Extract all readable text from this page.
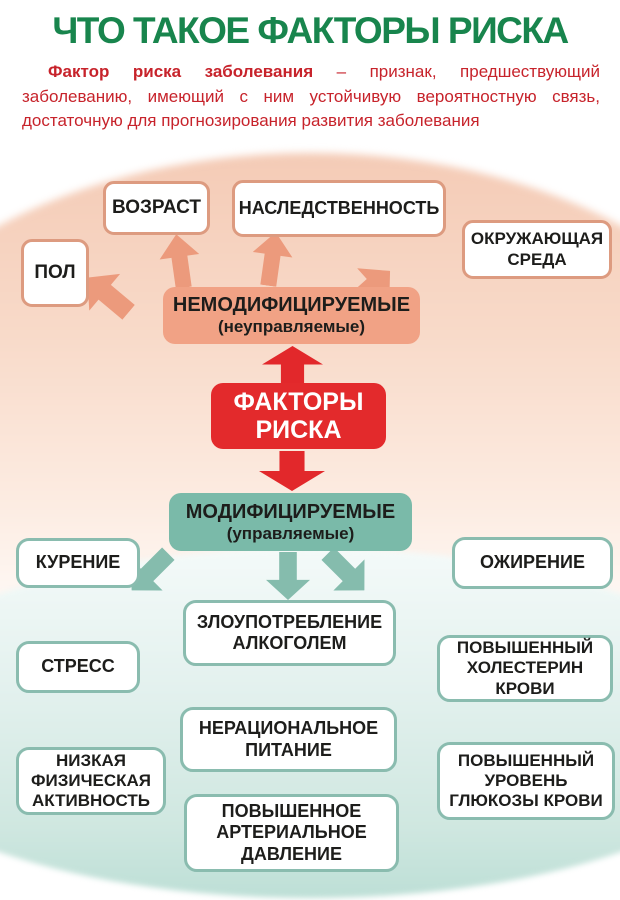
ЧТО ТАКОЕ ФАКТОРЫ РИСКА
Фактор риска заболевания – признак, предшествующий заболеванию, имеющий с ним устойчивую вероятностную связь, достаточную для прогнозирования развития заболевания
ПОЛ
ВОЗРАСТ	НАСЛЕДСТВЕННОСТЬ
ОКРУЖАЮЩАЯ СРЕДА
НЕМОДИФИЦИРУЕМЫЕ
(неуправляемые)
ФАКТОРЫ РИСКА
МОДИФИЦИРУЕМЫЕ
(управляемые)
КУРЕНИЕ	ОЖИРЕНИЕ
ЗЛОУПОТРЕБЛЕНИЕ АЛКОГОЛЕМ
СТРЕСС
ПОВЫШЕННЫЙ ХОЛЕСТЕРИН КРОВИ
НЕРАЦИОНАЛЬНОЕ ПИТАНИЕ
НИЗКАЯ ФИЗИЧЕСКАЯ АКТИВНОСТЬ
ПОВЫШЕННЫЙ УРОВЕНЬ ГЛЮКОЗЫ КРОВИ
ПОВЫШЕННОЕ АРТЕРИАЛЬНОЕ ДАВЛЕНИЕ
